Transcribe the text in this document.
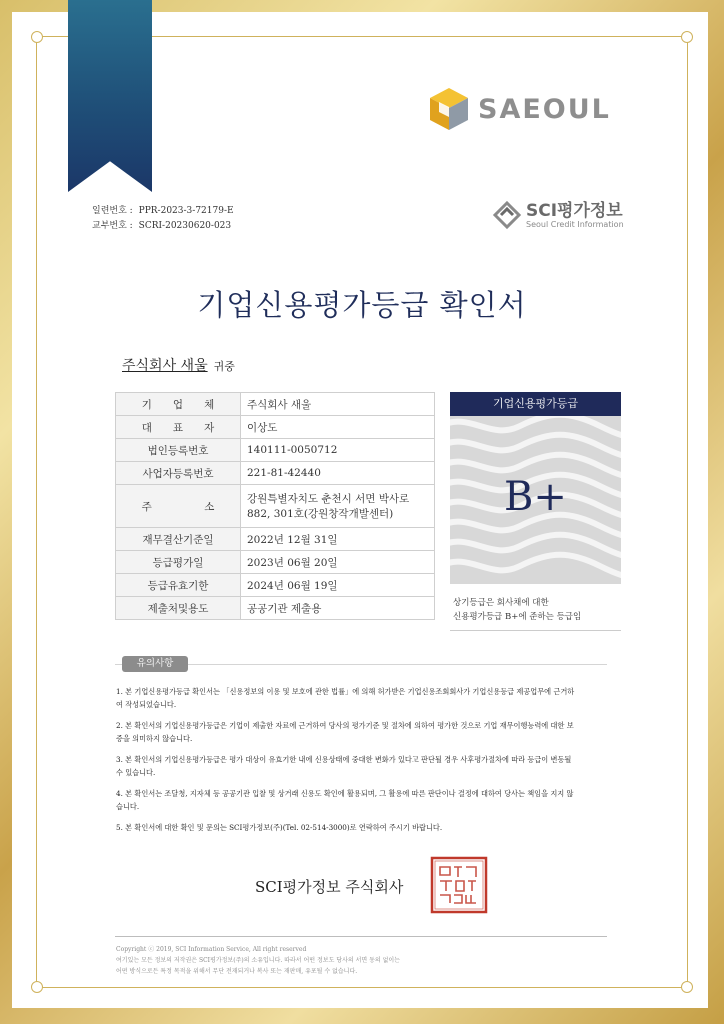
SAEOUL
일련번호 : PPR-2023-3-72179-E
교부번호 : SCRI-20230620-023
SCI평가정보
Seoul Credit Information
기업신용평가등급 확인서
주식회사 새울 귀중
기　　업　　체	주식회사 새울
대　　표　　자	이상도
법인등록번호	140111-0050712
사업자등록번호	221-81-42440
주　　　　　소	강원특별자치도 춘천시 서면 박사로 882, 301호(강원창작개발센터)
재무결산기준일	2022년 12월 31일
등급평가일	2023년 06월 20일
등급유효기한	2024년 06월 19일
제출처및용도	공공기관 제출용
기업신용평가등급
B+
상기등급은 회사채에 대한
신용평가등급 B+에 준하는 등급임
유의사항
1. 본 기업신용평가등급 확인서는 「신용정보의 이용 및 보호에 관한 법률」에 의해 허가받은 기업신용조회회사가 기업신용등급 제공업무에 근거하여 작성되었습니다.
2. 본 확인서의 기업신용평가등급은 기업이 제출한 자료에 근거하여 당사의 평가기준 및 절차에 의하여 평가한 것으로 기업 재무이행능력에 대한 보증을 의미하지 않습니다.
3. 본 확인서의 기업신용평가등급은 평가 대상이 유효기한 내에 신용상태에 중대한 변화가 있다고 판단될 경우 사후평가절차에 따라 등급이 변동될 수 있습니다.
4. 본 확인서는 조달청, 지자체 등 공공기관 입찰 및 상거래 신용도 확인에 활용되며, 그 활용에 따른 판단이나 결정에 대하여 당사는 책임을 지지 않습니다.
5. 본 확인서에 대한 확인 및 문의는 SCI평가정보(주)(Tel. 02-514-3000)로 연락하여 주시기 바랍니다.
SCI평가정보 주식회사
Copyright ⓒ 2019, SCI Information Service, All right reserved
여기있는 모든 정보의 저작권은 SCI평가정보(주)의 소유입니다. 따라서 어떤 정보도 당사의 서면 동의 없이는
어떤 방식으로든 특정 목적을 위해서 무단 전재되거나 복사 또는 재판매, 유포될 수 없습니다.
